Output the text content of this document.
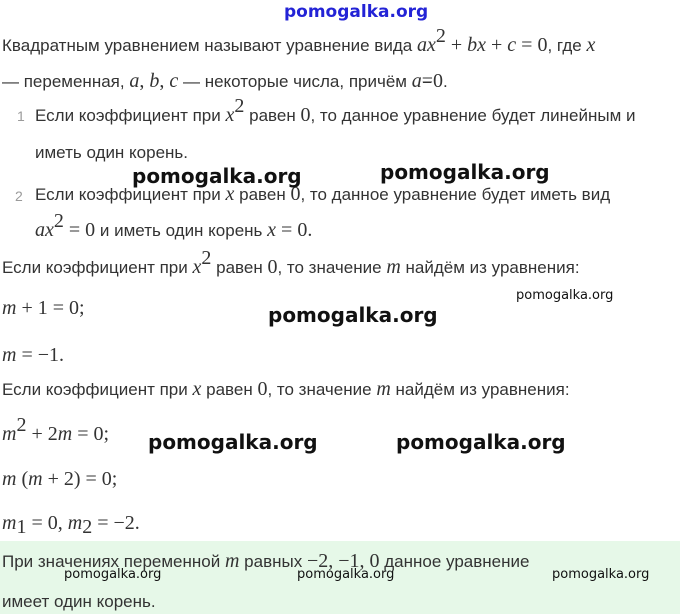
pomogalka.org
Квадратным уравнением называют уравнение вида $ax^2$ + bx + c = 0, где x
— переменная, a, b, c — некоторые числа, причём a=0.
1 Если коэффициент при $x^2$ равен 0, то данное уравнение будет линейным и
иметь один корень.
pomogalka.org	pomogalka.org
2 Если коэффициент при x равен 0, то данное уравнение будет иметь вид
$ax^2 = 0$ и иметь один корень x = 0.
Если коэффициент при $x^2$ равен 0, то значение m найдём из уравнения:
pomogalka.org
m + 1 = 0;	pomogalka.org
m = −1.
Если коэффициент при x равен 0, то значение m найдём из уравнения:
$m^2 + 2m = 0$; pomogalka.org	pomogalka.org
m (m + 2) = 0;
$m_1 = 0$, $m_2 = -2$.
При значениях переменной m равных −2, −1, 0 данное уравнение
имеет один корень.
pomogalka.org	pomogalka.org	pomogalka.org
